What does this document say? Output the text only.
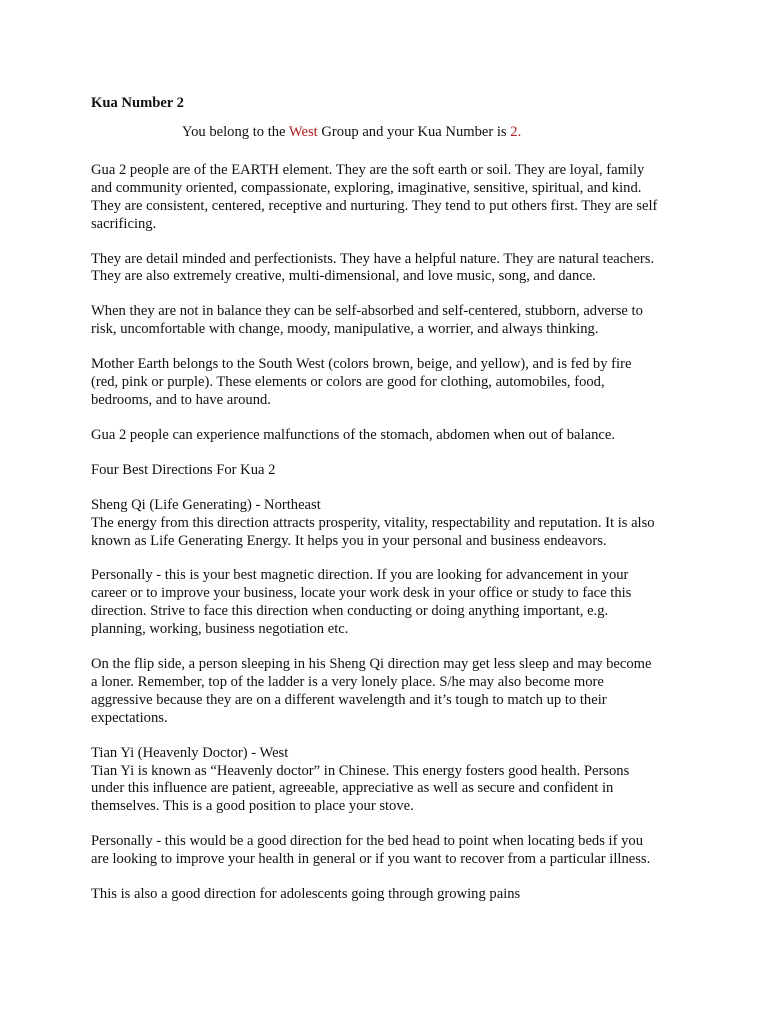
Kua Number 2
You belong to the West Group and your Kua Number is 2.
Gua 2 people are of the EARTH element. They are the soft earth or soil. They are loyal, family
and community oriented, compassionate, exploring, imaginative, sensitive, spiritual, and kind.
They are consistent, centered, receptive and nurturing. They tend to put others first. They are self
sacrificing.
They are detail minded and perfectionists. They have a helpful nature. They are natural teachers.
They are also extremely creative, multi-dimensional, and love music, song, and dance.
When they are not in balance they can be self-absorbed and self-centered, stubborn, adverse to
risk, uncomfortable with change, moody, manipulative, a worrier, and always thinking.
Mother Earth belongs to the South West (colors brown, beige, and yellow), and is fed by fire
(red, pink or purple). These elements or colors are good for clothing, automobiles, food,
bedrooms, and to have around.
Gua 2 people can experience malfunctions of the stomach, abdomen when out of balance.
Four Best Directions For Kua 2
Sheng Qi (Life Generating) - Northeast
The energy from this direction attracts prosperity, vitality, respectability and reputation. It is also
known as Life Generating Energy. It helps you in your personal and business endeavors.
Personally - this is your best magnetic direction. If you are looking for advancement in your
career or to improve your business, locate your work desk in your office or study to face this
direction. Strive to face this direction when conducting or doing anything important, e.g.
planning, working, business negotiation etc.
On the flip side, a person sleeping in his Sheng Qi direction may get less sleep and may become
a loner. Remember, top of the ladder is a very lonely place. S/he may also become more
aggressive because they are on a different wavelength and it’s tough to match up to their
expectations.
Tian Yi (Heavenly Doctor) - West
Tian Yi is known as “Heavenly doctor” in Chinese. This energy fosters good health. Persons
under this influence are patient, agreeable, appreciative as well as secure and confident in
themselves. This is a good position to place your stove.
Personally - this would be a good direction for the bed head to point when locating beds if you
are looking to improve your health in general or if you want to recover from a particular illness.
This is also a good direction for adolescents going through growing pains
